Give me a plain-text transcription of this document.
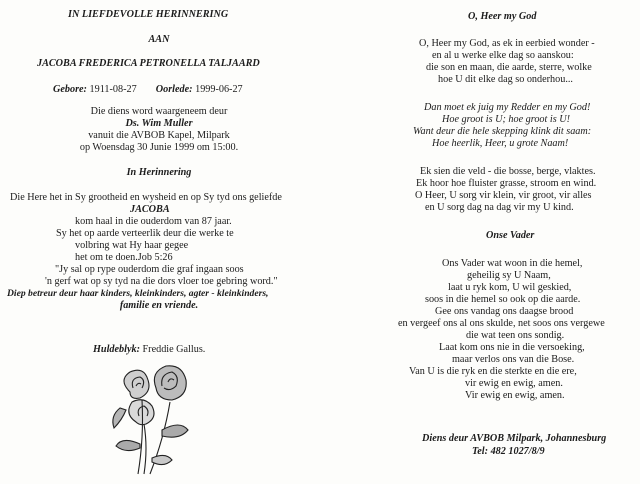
IN LIEFDEVOLLE HERINNERING
AAN
JACOBA FREDERICA PETRONELLA TALJAARD
Gebore: 1911-08-27 Oorlede: 1999-06-27
Die diens word waargeneem deur
Ds. Wim Muller
vanuit die AVBOB Kapel, Milpark
op Woensdag 30 Junie 1999 om 15:00.
In Herinnering
Die Here het in Sy grootheid en wysheid en op Sy tyd ons geliefde
JACOBA
kom haal in die ouderdom van 87 jaar.
Sy het op aarde verteerlik deur die werke te
volbring wat Hy haar gegee
het om te doen.Job 5:26
"Jy sal op rype ouderdom die graf ingaan soos
'n gerf wat op sy tyd na die dors vloer toe gebring word."
Diep betreur deur haar kinders, kleinkinders, agter - kleinkinders,
familie en vriende.
Huldeblyk: Freddie Gallus.
O, Heer my God
O, Heer my God, as ek in eerbied wonder -
en al u werke elke dag so aanskou:
die son en maan, die aarde, sterre, wolke
hoe U dit elke dag so onderhou...
Dan moet ek juig my Redder en my God!
Hoe groot is U; hoe groot is U!
Want deur die hele skepping klink dit saam:
Hoe heerlik, Heer, u grote Naam!
Ek sien die veld - die bosse, berge, vlaktes.
Ek hoor hoe fluister grasse, stroom en wind.
O Heer, U sorg vir klein, vir groot, vir alles
en U sorg dag na dag vir my U kind.
Onse Vader
Ons Vader wat woon in die hemel,
geheilig sy U Naam,
laat u ryk kom, U wil geskied,
soos in die hemel so ook op die aarde.
Gee ons vandag ons daagse brood
en vergeef ons al ons skulde, net soos ons vergewe
die wat teen ons sondig.
Laat kom ons nie in die versoeking,
maar verlos ons van die Bose.
Van U is die ryk en die sterkte en die ere,
vir ewig en ewig, amen.
Vir ewig en ewig, amen.
Diens deur AVBOB Milpark, Johannesburg
Tel: 482 1027/8/9
